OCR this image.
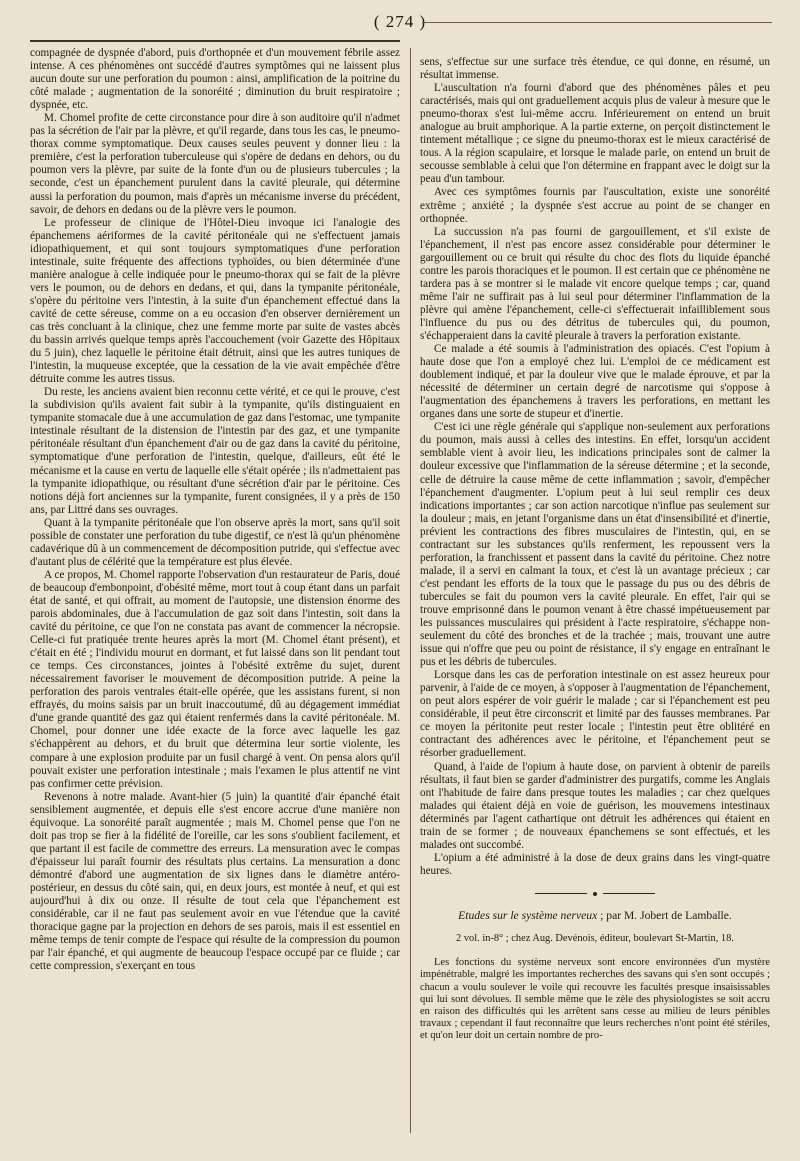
( 274 )

compagnée de dyspnée d'abord, puis d'orthopnée et d'un mouvement fébrile assez intense. A ces phénomènes ont succédé d'autres symptômes qui ne laissent plus aucun doute sur une perforation du poumon : ainsi, amplification de la poitrine du côté malade ; augmentation de la sonoréité ; diminution du bruit respiratoire ; dyspnée, etc.

M. Chomel profite de cette circonstance pour dire à son auditoire qu'il n'admet pas la sécrétion de l'air par la plèvre, et qu'il regarde, dans tous les cas, le pneumo-thorax comme symptomatique. Deux causes seules peuvent y donner lieu : la première, c'est la perforation tuberculeuse qui s'opère de dedans en dehors, ou du poumon vers la plèvre, par suite de la fonte d'un ou de plusieurs tubercules ; la seconde, c'est un épanchement purulent dans la cavité pleurale, qui détermine aussi la perforation du poumon, mais d'après un mécanisme inverse du précédent, savoir, de dehors en dedans ou de la plèvre vers le poumon.

Le professeur de clinique de l'Hôtel-Dieu invoque ici l'analogie des épanchemens aériformes de la cavité péritonéale qui ne s'effectuent jamais idiopathiquement, et qui sont toujours symptomatiques d'une perforation intestinale, suite fréquente des affections typhoïdes, ou bien déterminée d'une manière analogue à celle indiquée pour le pneumo-thorax qui se fait de la plèvre vers le poumon, ou de dehors en dedans, et qui, dans la tympanite péritonéale, s'opère du péritoine vers l'intestin, à la suite d'un épanchement effectué dans la cavité de cette séreuse, comme on a eu occasion d'en observer dernièrement un cas très concluant à la clinique, chez une femme morte par suite de vastes abcès du bassin arrivés quelque temps après l'accouchement (voir Gazette des Hôpitaux du 5 juin), chez laquelle le péritoine était détruit, ainsi que les autres tuniques de l'intestin, la muqueuse exceptée, que la cessation de la vie avait empêchée d'être détruite comme les autres tissus.

Du reste, les anciens avaient bien reconnu cette vérité, et ce qui le prouve, c'est la subdivision qu'ils avaient fait subir à la tympanite, qu'ils distinguaient en tympanite stomacale due à une accumulation de gaz dans l'estomac, une tympanite intestinale résultant de la distension de l'intestin par des gaz, et une tympanite péritonéale résultant d'un épanchement d'air ou de gaz dans la cavité du péritoine, symptomatique d'une perforation de l'intestin, quelque, d'ailleurs, eût été le mécanisme et la cause en vertu de laquelle elle s'était opérée ; ils n'admettaient pas la tympanite idiopathique, ou résultant d'une sécrétion d'air par le péritoine. Ces notions déjà fort anciennes sur la tympanite, furent consignées, il y a près de 150 ans, par Littré dans ses ouvrages.

Quant à la tympanite péritonéale que l'on observe après la mort, sans qu'il soit possible de constater une perforation du tube digestif, ce n'est là qu'un phénomène cadavérique dû à un commencement de décomposition putride, qui s'effectue avec d'autant plus de célérité que la température est plus élevée.

A ce propos, M. Chomel rapporte l'observation d'un restaurateur de Paris, doué de beaucoup d'embonpoint, d'obésité même, mort tout à coup étant dans un parfait état de santé, et qui offrait, au moment de l'autopsie, une distension énorme des parois abdominales, due à l'accumulation de gaz soit dans l'intestin, soit dans la cavité du péritoine, ce que l'on ne constata pas avant de commencer la nécropsie. Celle-ci fut pratiquée trente heures après la mort (M. Chomel étant présent), et c'était en été ; l'individu mourut en dormant, et fut laissé dans son lit pendant tout ce temps. Ces circonstances, jointes à l'obésité extrême du sujet, durent nécessairement favoriser le mouvement de décomposition putride. A peine la perforation des parois ventrales était-elle opérée, que les assistans furent, si non effrayés, du moins saisis par un bruit inaccoutumé, dû au dégagement immédiat d'une grande quantité des gaz qui étaient renfermés dans la cavité péritonéale. M. Chomel, pour donner une idée exacte de la force avec laquelle les gaz s'échappèrent au dehors, et du bruit que détermina leur sortie violente, les compare à une explosion produite par un fusil chargé à vent. On pensa alors qu'il pouvait exister une perforation intestinale ; mais l'examen le plus attentif ne vint pas confirmer cette prévision.

Revenons à notre malade. Avant-hier (5 juin) la quantité d'air épanché était sensiblement augmentée, et depuis elle s'est encore accrue d'une manière non équivoque. La sonoréité paraît augmentée ; mais M. Chomel pense que l'on ne doit pas trop se fier à la fidélité de l'oreille, car les sons s'oublient facilement, et que partant il est facile de commettre des erreurs. La mensuration avec le compas d'épaisseur lui paraît fournir des résultats plus certains. La mensuration a donc démontré d'abord une augmentation de six lignes dans le diamètre antéro-postérieur, en dessus du côté sain, qui, en deux jours, est montée à neuf, et qui est aujourd'hui à dix ou onze. Il résulte de tout cela que l'épanchement est considérable, car il ne faut pas seulement avoir en vue l'étendue que la cavité thoracique gagne par la projection en dehors de ses parois, mais il est essentiel en même temps de tenir compte de l'espace qui résulte de la compression du poumon par l'air épanché, et qui augmente de beaucoup l'espace occupé par ce fluide ; car cette compression, s'exerçant en tous

sens, s'effectue sur une surface très étendue, ce qui donne, en résumé, un résultat immense.

L'auscultation n'a fourni d'abord que des phénomènes pâles et peu caractérisés, mais qui ont graduellement acquis plus de valeur à mesure que le pneumo-thorax s'est lui-même accru. Inférieurement on entend un bruit analogue au bruit amphorique. A la partie externe, on perçoit distinctement le tintement métallique ; ce signe du pneumo-thorax est le mieux caractérisé de tous. A la région scapulaire, et lorsque le malade parle, on entend un bruit de secousse semblable à celui que l'on détermine en frappant avec le doigt sur la peau d'un tambour.

Avec ces symptômes fournis par l'auscultation, existe une sonoréité extrême ; anxiété ; la dyspnée s'est accrue au point de se changer en orthopnée.

La succussion n'a pas fourni de gargouillement, et s'il existe de l'épanchement, il n'est pas encore assez considérable pour déterminer le gargouillement ou ce bruit qui résulte du choc des flots du liquide épanché contre les parois thoraciques et le poumon. Il est certain que ce phénomène ne tardera pas à se montrer si le malade vit encore quelque temps ; car, quand même l'air ne suffirait pas à lui seul pour déterminer l'inflammation de la plèvre qui amène l'épanchement, celle-ci s'effectuerait infailliblement sous l'influence du pus ou des détritus de tubercules qui, du poumon, s'échapperaient dans la cavité pleurale à travers la perforation existante.

Ce malade a été soumis à l'administration des opiacés. C'est l'opium à haute dose que l'on a employé chez lui. L'emploi de ce médicament est doublement indiqué, et par la douleur vive que le malade éprouve, et par la nécessité de déterminer un certain degré de narcotisme qui s'oppose à l'augmentation des épanchemens à travers les perforations, en mettant les organes dans une sorte de stupeur et d'inertie.

C'est ici une règle générale qui s'applique non-seulement aux perforations du poumon, mais aussi à celles des intestins. En effet, lorsqu'un accident semblable vient à avoir lieu, les indications principales sont de calmer la douleur excessive que l'inflammation de la séreuse détermine ; et la seconde, celle de détruire la cause même de cette inflammation ; savoir, d'empêcher l'épanchement d'augmenter. L'opium peut à lui seul remplir ces deux indications importantes ; car son action narcotique n'influe pas seulement sur la douleur ; mais, en jetant l'organisme dans un état d'insensibilité et d'inertie, prévient les contractions des fibres musculaires de l'intestin, qui, en se contractant sur les substances qu'ils renferment, les repoussent vers la perforation, la franchissent et passent dans la cavité du péritoine. Chez notre malade, il a servi en calmant la toux, et c'est là un avantage précieux ; car c'est pendant les efforts de la toux que le passage du pus ou des débris de tubercules se fait du poumon vers la cavité pleurale. En effet, l'air qui se trouve emprisonné dans le poumon venant à être chassé impétueusement par les puissances musculaires qui président à l'acte respiratoire, s'échappe non-seulement du côté des bronches et de la trachée ; mais, trouvant une autre issue qui n'offre que peu ou point de résistance, il s'y engage en entraînant le pus et les débris de tubercules.

Lorsque dans les cas de perforation intestinale on est assez heureux pour parvenir, à l'aide de ce moyen, à s'opposer à l'augmentation de l'épanchement, on peut alors espérer de voir guérir le malade ; car si l'épanchement est peu considérable, il peut être circonscrit et limité par des fausses membranes. Par ce moyen la péritonite peut rester locale ; l'intestin peut être oblitéré en contractant des adhérences avec le péritoine, et l'épanchement peut se résorber graduellement.

Quand, à l'aide de l'opium à haute dose, on parvient à obtenir de pareils résultats, il faut bien se garder d'administrer des purgatifs, comme les Anglais ont l'habitude de faire dans presque toutes les maladies ; car chez quelques malades qui étaient déjà en voie de guérison, les mouvemens intestinaux déterminés par l'agent cathartique ont détruit les adhérences qui étaient en train de se former ; de nouveaux épanchemens se sont effectués, et les malades ont succombé.

L'opium a été administré à la dose de deux grains dans les vingt-quatre heures.

Etudes sur le système nerveux ; par M. Jobert de Lamballe.
2 vol. in-8° ; chez Aug. Devénois, éditeur, boulevart St-Martin, 18.

Les fonctions du système nerveux sont encore environnées d'un mystère impénétrable, malgré les importantes recherches des savans qui s'en sont occupés ; chacun a voulu soulever le voile qui recouvre les facultés presque insaisissables qui lui sont dévolues. Il semble même que le zèle des physiologistes se soit accru en raison des difficultés qui les arrêtent sans cesse au milieu de leurs pénibles travaux ; cependant il faut reconnaître que leurs recherches n'ont point été stériles, et qu'on leur doit un certain nombre de pro-
